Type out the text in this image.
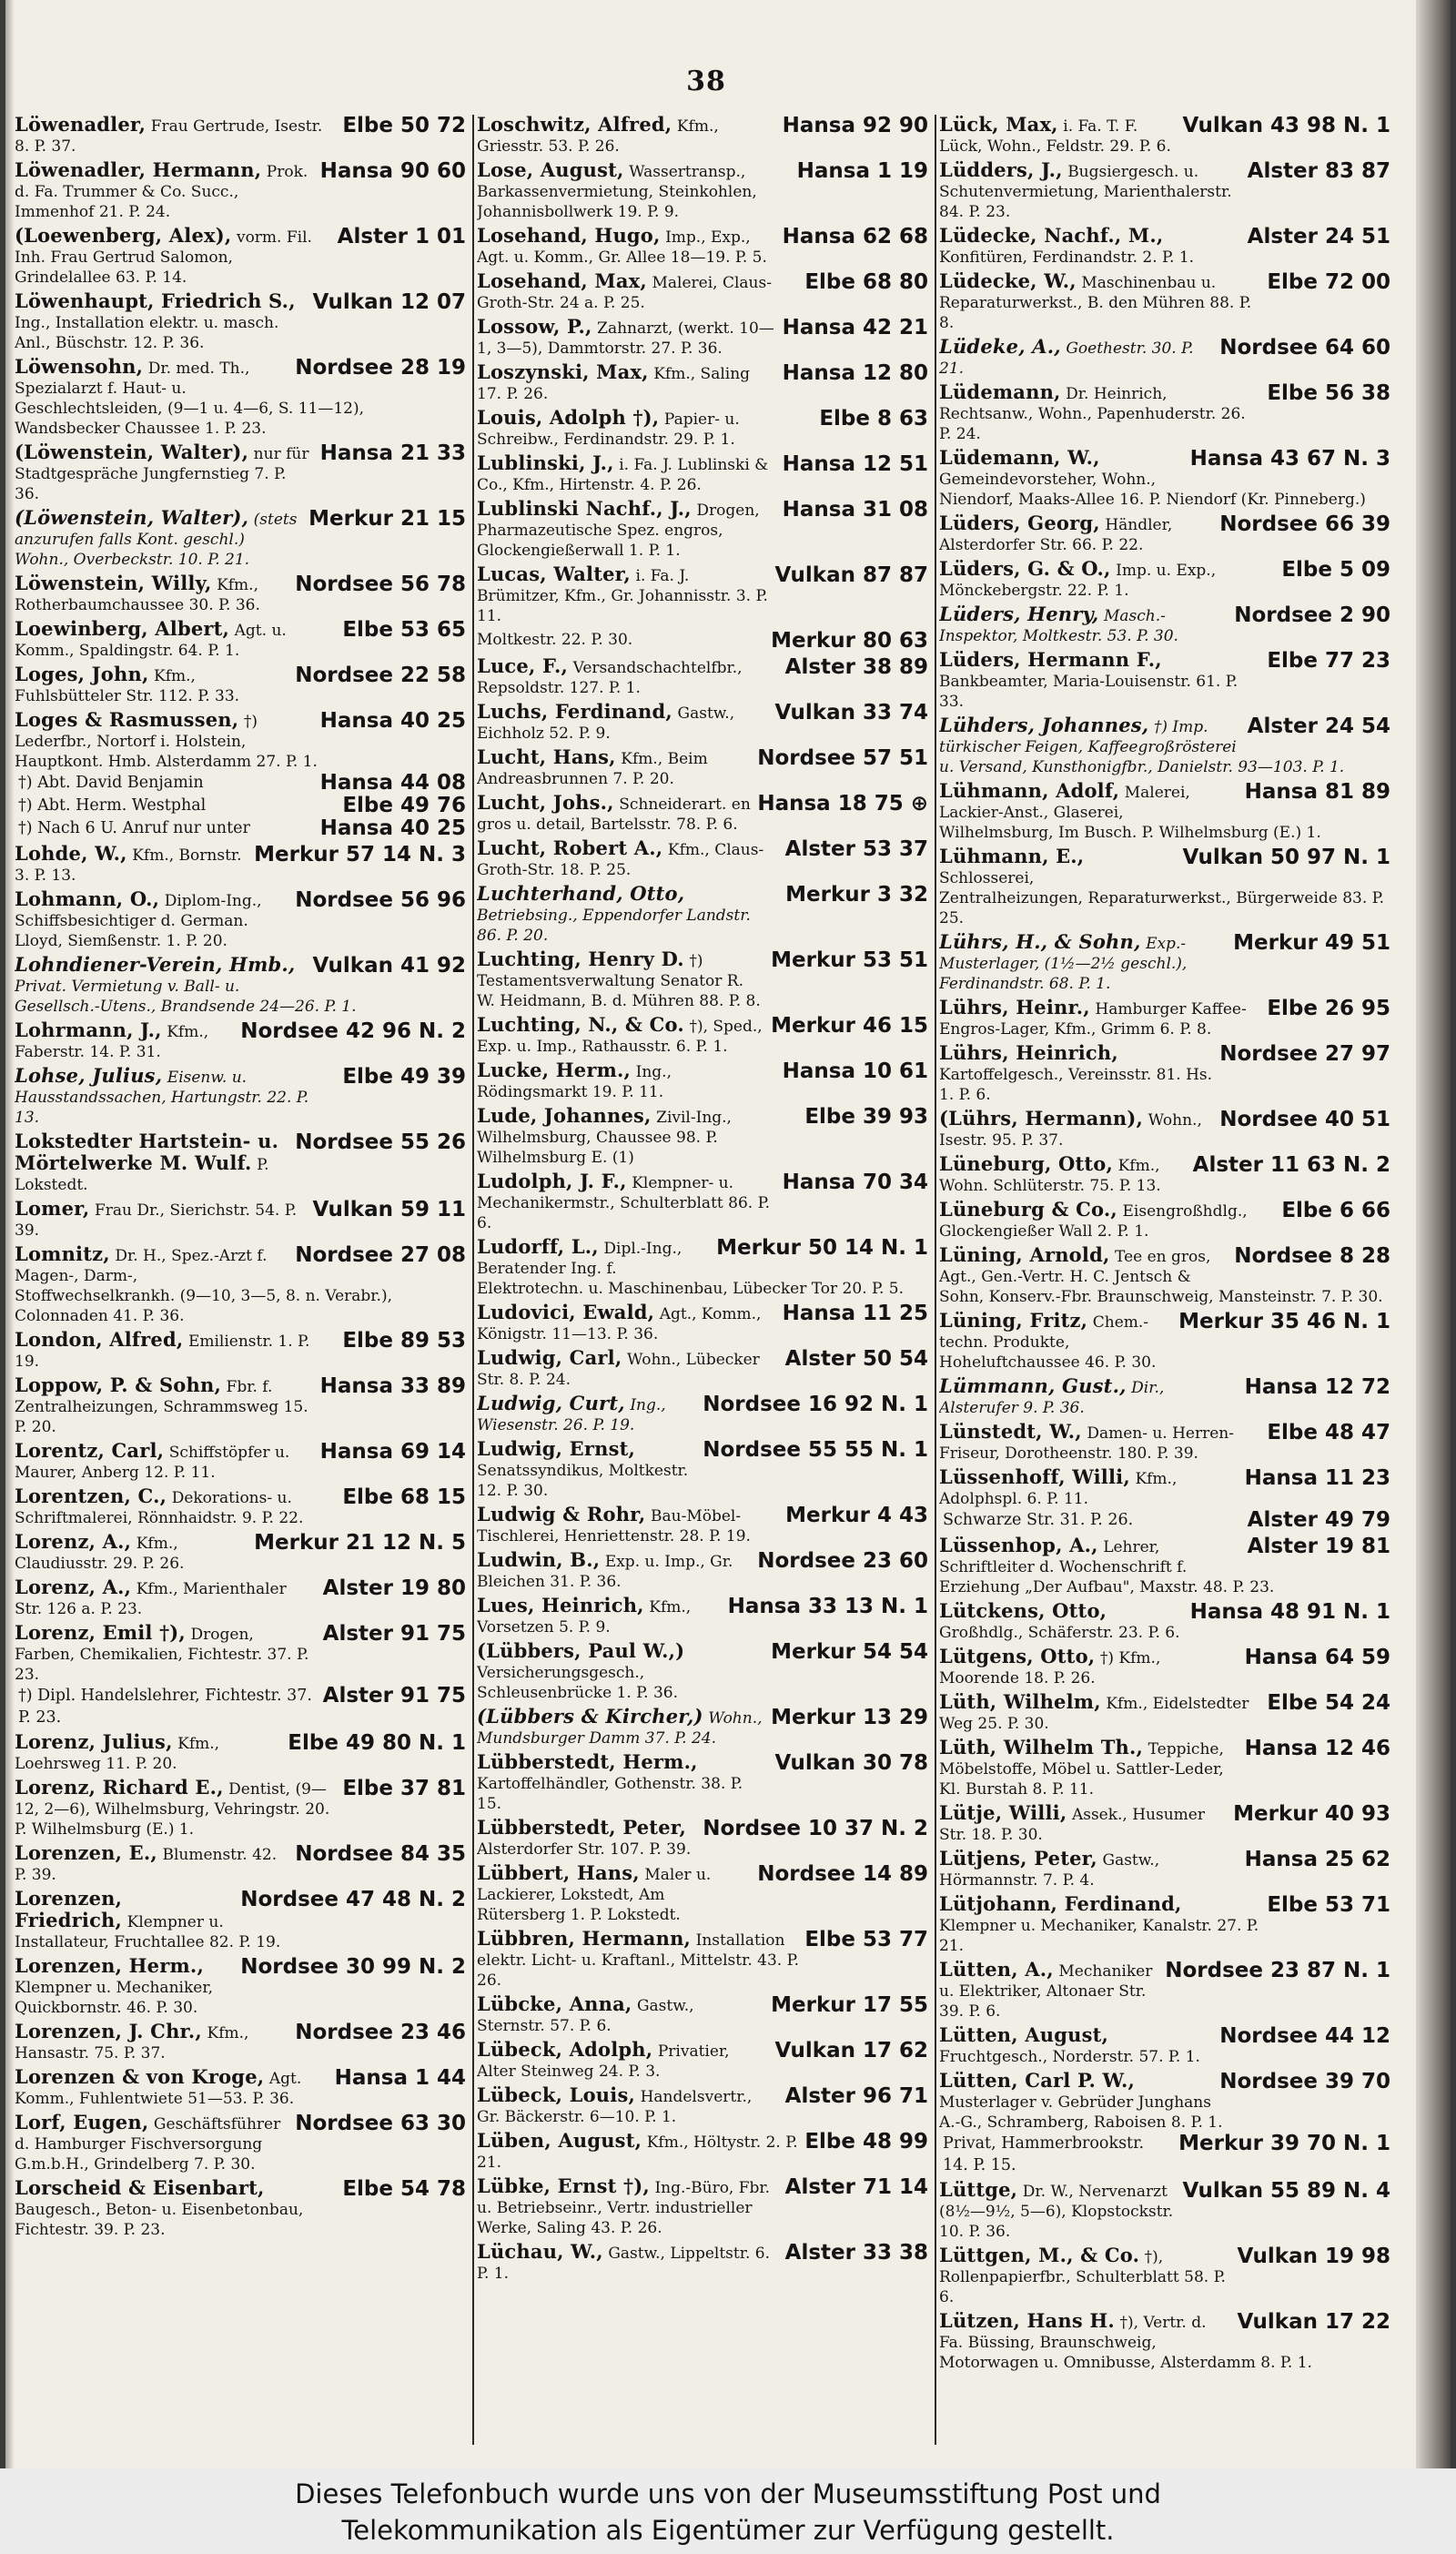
38
Elbe 50 72
Löwenadler, Frau Gertrude, Isestr. 8. P. 37.
Hansa 90 60
Löwenadler, Hermann, Prok. d. Fa. Trummer & Co. Succ., Immenhof 21. P. 24.
Alster 1 01
(Loewenberg, Alex), vorm. Fil. Inh. Frau Gertrud Salomon, Grindelallee 63. P. 14.
Vulkan 12 07
Löwenhaupt, Friedrich S., Ing., Installation elektr. u. masch. Anl., Büschstr. 12. P. 36.
Nordsee 28 19
Löwensohn, Dr. med. Th., Spezialarzt f. Haut- u. Geschlechtsleiden, (9—1 u. 4—6, S. 11—12), Wandsbecker Chaussee 1. P. 23.
Hansa 21 33
(Löwenstein, Walter), nur für Stadtgespräche Jungfernstieg 7. P. 36.
Merkur 21 15
(Löwenstein, Walter), (stets anzurufen falls Kont. geschl.) Wohn., Overbeckstr. 10. P. 21.
Nordsee 56 78
Löwenstein, Willy, Kfm., Rotherbaumchaussee 30. P. 36.
Elbe 53 65
Loewinberg, Albert, Agt. u. Komm., Spaldingstr. 64. P. 1.
Nordsee 22 58
Loges, John, Kfm., Fuhlsbütteler Str. 112. P. 33.
Hansa 40 25
Loges & Rasmussen, †) Lederfbr., Nortorf i. Holstein, Hauptkont. Hmb. Alsterdamm 27. P. 1.
Hansa 44 08
†) Abt. David Benjamin
Elbe 49 76
†) Abt. Herm. Westphal
Hansa 40 25
†) Nach 6 U. Anruf nur unter
Merkur 57 14 N. 3
Lohde, W., Kfm., Bornstr. 3. P. 13.
Nordsee 56 96
Lohmann, O., Diplom-Ing., Schiffsbesichtiger d. German. Lloyd, Siemßenstr. 1. P. 20.
Vulkan 41 92
Lohndiener-Verein, Hmb., Privat. Vermietung v. Ball- u. Gesellsch.-Utens., Brandsende 24—26. P. 1.
Nordsee 42 96 N. 2
Lohrmann, J., Kfm., Faberstr. 14. P. 31.
Elbe 49 39
Lohse, Julius, Eisenw. u. Hausstandssachen, Hartungstr. 22. P. 13.
Nordsee 55 26
Lokstedter Hartstein- u. Mörtelwerke M. Wulf. P. Lokstedt.
Vulkan 59 11
Lomer, Frau Dr., Sierichstr. 54. P. 39.
Nordsee 27 08
Lomnitz, Dr. H., Spez.-Arzt f. Magen-, Darm-, Stoffwechselkrankh. (9—10, 3—5, 8. n. Verabr.), Colonnaden 41. P. 36.
Elbe 89 53
London, Alfred, Emilienstr. 1. P. 19.
Hansa 33 89
Loppow, P. & Sohn, Fbr. f. Zentralheizungen, Schrammsweg 15. P. 20.
Hansa 69 14
Lorentz, Carl, Schiffstöpfer u. Maurer, Anberg 12. P. 11.
Elbe 68 15
Lorentzen, C., Dekorations- u. Schriftmalerei, Rönnhaidstr. 9. P. 22.
Merkur 21 12 N. 5
Lorenz, A., Kfm., Claudiusstr. 29. P. 26.
Alster 19 80
Lorenz, A., Kfm., Marienthaler Str. 126 a. P. 23.
Alster 91 75
Lorenz, Emil †), Drogen, Farben, Chemikalien, Fichtestr. 37. P. 23.
Alster 91 75
†) Dipl. Handelslehrer, Fichtestr. 37. P. 23.
Elbe 49 80 N. 1
Lorenz, Julius, Kfm., Loehrsweg 11. P. 20.
Elbe 37 81
Lorenz, Richard E., Dentist, (9—12, 2—6), Wilhelmsburg, Vehringstr. 20. P. Wilhelmsburg (E.) 1.
Nordsee 84 35
Lorenzen, E., Blumenstr. 42. P. 39.
Nordsee 47 48 N. 2
Lorenzen, Friedrich, Klempner u. Installateur, Fruchtallee 82. P. 19.
Nordsee 30 99 N. 2
Lorenzen, Herm., Klempner u. Mechaniker, Quickbornstr. 46. P. 30.
Nordsee 23 46
Lorenzen, J. Chr., Kfm., Hansastr. 75. P. 37.
Hansa 1 44
Lorenzen & von Kroge, Agt. Komm., Fuhlentwiete 51—53. P. 36.
Nordsee 63 30
Lorf, Eugen, Geschäftsführer d. Hamburger Fischversorgung G.m.b.H., Grindelberg 7. P. 30.
Elbe 54 78
Lorscheid & Eisenbart, Baugesch., Beton- u. Eisenbetonbau, Fichtestr. 39. P. 23.
Hansa 92 90
Loschwitz, Alfred, Kfm., Griesstr. 53. P. 26.
Hansa 1 19
Lose, August, Wassertransp., Barkassenvermietung, Steinkohlen, Johannisbollwerk 19. P. 9.
Hansa 62 68
Losehand, Hugo, Imp., Exp., Agt. u. Komm., Gr. Allee 18—19. P. 5.
Elbe 68 80
Losehand, Max, Malerei, Claus-Groth-Str. 24 a. P. 25.
Hansa 42 21
Lossow, P., Zahnarzt, (werkt. 10—1, 3—5), Dammtorstr. 27. P. 36.
Hansa 12 80
Loszynski, Max, Kfm., Saling 17. P. 26.
Elbe 8 63
Louis, Adolph †), Papier- u. Schreibw., Ferdinandstr. 29. P. 1.
Hansa 12 51
Lublinski, J., i. Fa. J. Lublinski & Co., Kfm., Hirtenstr. 4. P. 26.
Hansa 31 08
Lublinski Nachf., J., Drogen, Pharmazeutische Spez. engros, Glockengießerwall 1. P. 1.
Vulkan 87 87
Lucas, Walter, i. Fa. J. Brümitzer, Kfm., Gr. Johannisstr. 3. P. 11.
Merkur 80 63
Moltkestr. 22. P. 30.
Alster 38 89
Luce, F., Versandschachtelfbr., Repsoldstr. 127. P. 1.
Vulkan 33 74
Luchs, Ferdinand, Gastw., Eichholz 52. P. 9.
Nordsee 57 51
Lucht, Hans, Kfm., Beim Andreasbrunnen 7. P. 20.
Hansa 18 75 ⊕
Lucht, Johs., Schneiderart. en gros u. detail, Bartelsstr. 78. P. 6.
Alster 53 37
Lucht, Robert A., Kfm., Claus-Groth-Str. 18. P. 25.
Merkur 3 32
Luchterhand, Otto, Betriebsing., Eppendorfer Landstr. 86. P. 20.
Merkur 53 51
Luchting, Henry D. †) Testamentsverwaltung Senator R. W. Heidmann, B. d. Mühren 88. P. 8.
Merkur 46 15
Luchting, N., & Co. †), Sped., Exp. u. Imp., Rathausstr. 6. P. 1.
Hansa 10 61
Lucke, Herm., Ing., Rödingsmarkt 19. P. 11.
Elbe 39 93
Lude, Johannes, Zivil-Ing., Wilhelmsburg, Chaussee 98. P. Wilhelmsburg E. (1)
Hansa 70 34
Ludolph, J. F., Klempner- u. Mechanikermstr., Schulterblatt 86. P. 6.
Merkur 50 14 N. 1
Ludorff, L., Dipl.-Ing., Beratender Ing. f. Elektrotechn. u. Maschinenbau, Lübecker Tor 20. P. 5.
Hansa 11 25
Ludovici, Ewald, Agt., Komm., Königstr. 11—13. P. 36.
Alster 50 54
Ludwig, Carl, Wohn., Lübecker Str. 8. P. 24.
Nordsee 16 92 N. 1
Ludwig, Curt, Ing., Wiesenstr. 26. P. 19.
Nordsee 55 55 N. 1
Ludwig, Ernst, Senatssyndikus, Moltkestr. 12. P. 30.
Merkur 4 43
Ludwig & Rohr, Bau-Möbel-Tischlerei, Henriettenstr. 28. P. 19.
Nordsee 23 60
Ludwin, B., Exp. u. Imp., Gr. Bleichen 31. P. 36.
Hansa 33 13 N. 1
Lues, Heinrich, Kfm., Vorsetzen 5. P. 9.
Merkur 54 54
(Lübbers, Paul W.,) Versicherungsgesch., Schleusenbrücke 1. P. 36.
Merkur 13 29
(Lübbers & Kircher,) Wohn., Mundsburger Damm 37. P. 24.
Vulkan 30 78
Lübberstedt, Herm., Kartoffelhändler, Gothenstr. 38. P. 15.
Nordsee 10 37 N. 2
Lübberstedt, Peter, Alsterdorfer Str. 107. P. 39.
Nordsee 14 89
Lübbert, Hans, Maler u. Lackierer, Lokstedt, Am Rütersberg 1. P. Lokstedt.
Elbe 53 77
Lübbren, Hermann, Installation elektr. Licht- u. Kraftanl., Mittelstr. 43. P. 26.
Merkur 17 55
Lübcke, Anna, Gastw., Sternstr. 57. P. 6.
Vulkan 17 62
Lübeck, Adolph, Privatier, Alter Steinweg 24. P. 3.
Alster 96 71
Lübeck, Louis, Handelsvertr., Gr. Bäckerstr. 6—10. P. 1.
Elbe 48 99
Lüben, August, Kfm., Höltystr. 2. P. 21.
Alster 71 14
Lübke, Ernst †), Ing.-Büro, Fbr. u. Betriebseinr., Vertr. industrieller Werke, Saling 43. P. 26.
Alster 33 38
Lüchau, W., Gastw., Lippeltstr. 6. P. 1.
Vulkan 43 98 N. 1
Lück, Max, i. Fa. T. F. Lück, Wohn., Feldstr. 29. P. 6.
Alster 83 87
Lüdders, J., Bugsiergesch. u. Schutenvermietung, Marienthalerstr. 84. P. 23.
Alster 24 51
Lüdecke, Nachf., M., Konfitüren, Ferdinandstr. 2. P. 1.
Elbe 72 00
Lüdecke, W., Maschinenbau u. Reparaturwerkst., B. den Mühren 88. P. 8.
Nordsee 64 60
Lüdeke, A., Goethestr. 30. P. 21.
Elbe 56 38
Lüdemann, Dr. Heinrich, Rechtsanw., Wohn., Papenhuderstr. 26. P. 24.
Hansa 43 67 N. 3
Lüdemann, W., Gemeindevorsteher, Wohn., Niendorf, Maaks-Allee 16. P. Niendorf (Kr. Pinneberg.)
Nordsee 66 39
Lüders, Georg, Händler, Alsterdorfer Str. 66. P. 22.
Elbe 5 09
Lüders, G. & O., Imp. u. Exp., Mönckebergstr. 22. P. 1.
Nordsee 2 90
Lüders, Henry, Masch.-Inspektor, Moltkestr. 53. P. 30.
Elbe 77 23
Lüders, Hermann F., Bankbeamter, Maria-Louisenstr. 61. P. 33.
Alster 24 54
Lühders, Johannes, †) Imp. türkischer Feigen, Kaffeegroßrösterei u. Versand, Kunsthonigfbr., Danielstr. 93—103. P. 1.
Hansa 81 89
Lühmann, Adolf, Malerei, Lackier-Anst., Glaserei, Wilhelmsburg, Im Busch. P. Wilhelmsburg (E.) 1.
Vulkan 50 97 N. 1
Lühmann, E., Schlosserei, Zentralheizungen, Reparaturwerkst., Bürgerweide 83. P. 25.
Merkur 49 51
Lührs, H., & Sohn, Exp.-Musterlager, (1½—2½ geschl.), Ferdinandstr. 68. P. 1.
Elbe 26 95
Lührs, Heinr., Hamburger Kaffee-Engros-Lager, Kfm., Grimm 6. P. 8.
Nordsee 27 97
Lührs, Heinrich, Kartoffelgesch., Vereinsstr. 81. Hs. 1. P. 6.
Nordsee 40 51
(Lührs, Hermann), Wohn., Isestr. 95. P. 37.
Alster 11 63 N. 2
Lüneburg, Otto, Kfm., Wohn. Schlüterstr. 75. P. 13.
Elbe 6 66
Lüneburg & Co., Eisengroßhdlg., Glockengießer Wall 2. P. 1.
Nordsee 8 28
Lüning, Arnold, Tee en gros, Agt., Gen.-Vertr. H. C. Jentsch & Sohn, Konserv.-Fbr. Braunschweig, Mansteinstr. 7. P. 30.
Merkur 35 46 N. 1
Lüning, Fritz, Chem.-techn. Produkte, Hoheluftchaussee 46. P. 30.
Hansa 12 72
Lümmann, Gust., Dir., Alsterufer 9. P. 36.
Elbe 48 47
Lünstedt, W., Damen- u. Herren-Friseur, Dorotheenstr. 180. P. 39.
Hansa 11 23
Lüssenhoff, Willi, Kfm., Adolphspl. 6. P. 11.
Alster 49 79
Schwarze Str. 31. P. 26.
Alster 19 81
Lüssenhop, A., Lehrer, Schriftleiter d. Wochenschrift f. Erziehung „Der Aufbau", Maxstr. 48. P. 23.
Hansa 48 91 N. 1
Lütckens, Otto, Großhdlg., Schäferstr. 23. P. 6.
Hansa 64 59
Lütgens, Otto, †) Kfm., Moorende 18. P. 26.
Elbe 54 24
Lüth, Wilhelm, Kfm., Eidelstedter Weg 25. P. 30.
Hansa 12 46
Lüth, Wilhelm Th., Teppiche, Möbelstoffe, Möbel u. Sattler-Leder, Kl. Burstah 8. P. 11.
Merkur 40 93
Lütje, Willi, Assek., Husumer Str. 18. P. 30.
Hansa 25 62
Lütjens, Peter, Gastw., Hörmannstr. 7. P. 4.
Elbe 53 71
Lütjohann, Ferdinand, Klempner u. Mechaniker, Kanalstr. 27. P. 21.
Nordsee 23 87 N. 1
Lütten, A., Mechaniker u. Elektriker, Altonaer Str. 39. P. 6.
Nordsee 44 12
Lütten, August, Fruchtgesch., Norderstr. 57. P. 1.
Nordsee 39 70
Lütten, Carl P. W., Musterlager v. Gebrüder Junghans A.-G., Schramberg, Raboisen 8. P. 1.
Merkur 39 70 N. 1
Privat, Hammerbrookstr. 14. P. 15.
Vulkan 55 89 N. 4
Lüttge, Dr. W., Nervenarzt (8½—9½, 5—6), Klopstockstr. 10. P. 36.
Vulkan 19 98
Lüttgen, M., & Co. †), Rollenpapierfbr., Schulterblatt 58. P. 6.
Vulkan 17 22
Lützen, Hans H. †), Vertr. d. Fa. Büssing, Braunschweig, Motorwagen u. Omnibusse, Alsterdamm 8. P. 1.
Dieses Telefonbuch wurde uns von der Museumsstiftung Post und
Telekommunikation als Eigentümer zur Verfügung gestellt.
